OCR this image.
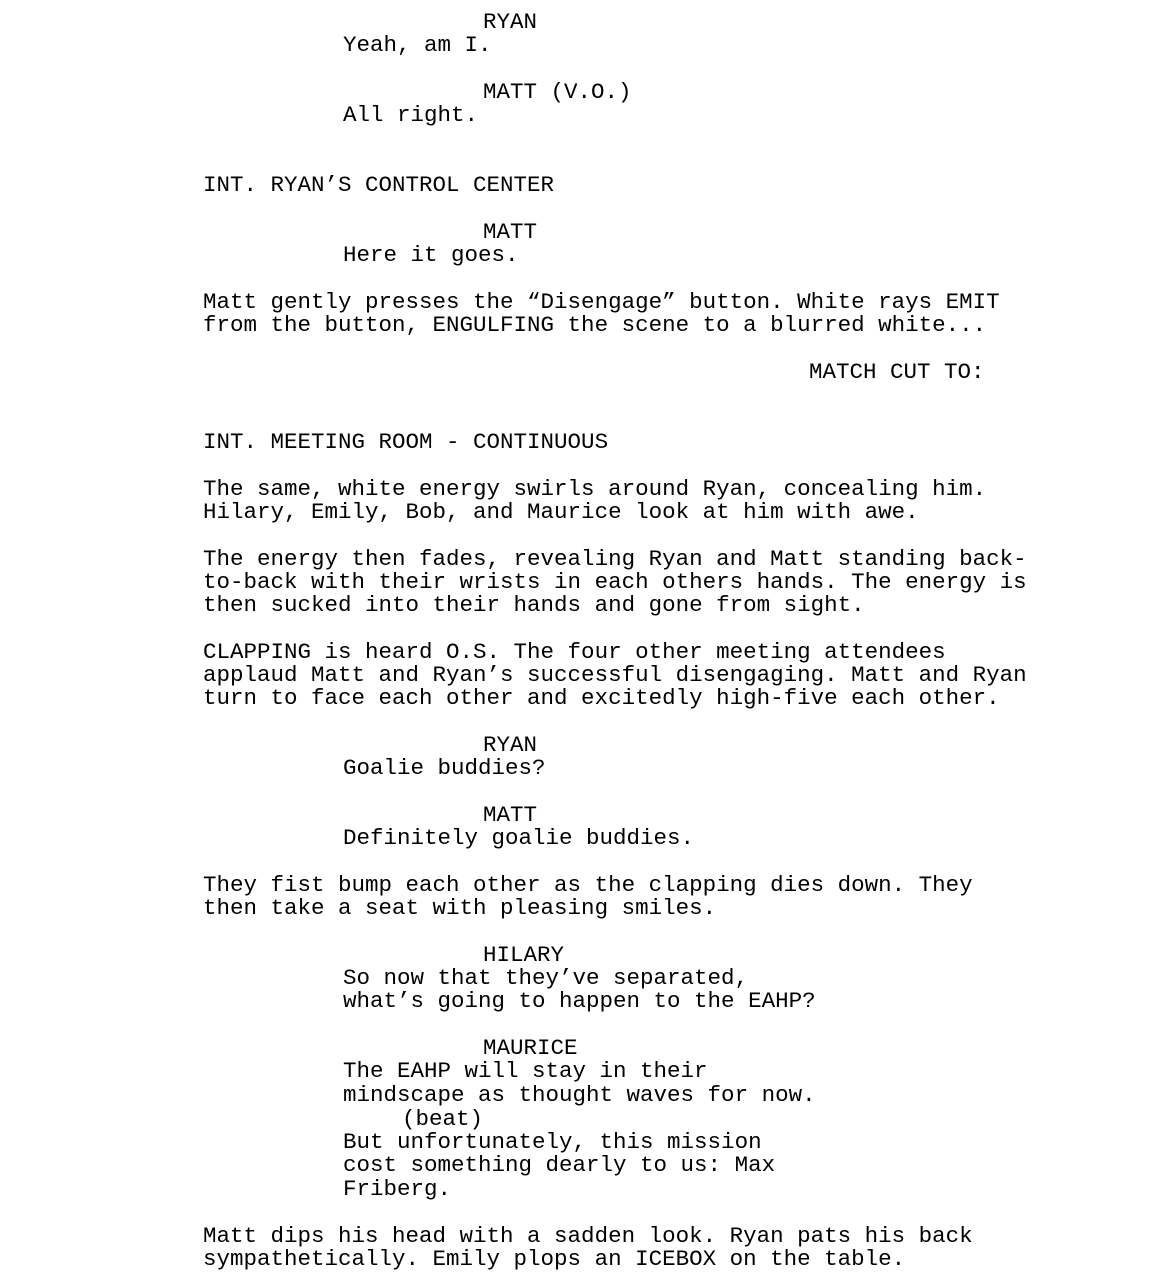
RYAN
Yeah, am I.
MATT (V.O.)
All right.
INT. RYAN’S CONTROL CENTER
MATT
Here it goes.
Matt gently presses the “Disengage” button. White rays EMIT
from the button, ENGULFING the scene to a blurred white...
MATCH CUT TO:
INT. MEETING ROOM - CONTINUOUS
The same, white energy swirls around Ryan, concealing him.
Hilary, Emily, Bob, and Maurice look at him with awe.
The energy then fades, revealing Ryan and Matt standing back-
to-back with their wrists in each others hands. The energy is
then sucked into their hands and gone from sight.
CLAPPING is heard O.S. The four other meeting attendees
applaud Matt and Ryan’s successful disengaging. Matt and Ryan
turn to face each other and excitedly high-five each other.
RYAN
Goalie buddies?
MATT
Definitely goalie buddies.
They fist bump each other as the clapping dies down. They
then take a seat with pleasing smiles.
HILARY
So now that they’ve separated,
what’s going to happen to the EAHP?
MAURICE
The EAHP will stay in their
mindscape as thought waves for now.
(beat)
But unfortunately, this mission
cost something dearly to us: Max
Friberg.
Matt dips his head with a sadden look. Ryan pats his back
sympathetically. Emily plops an ICEBOX on the table.
